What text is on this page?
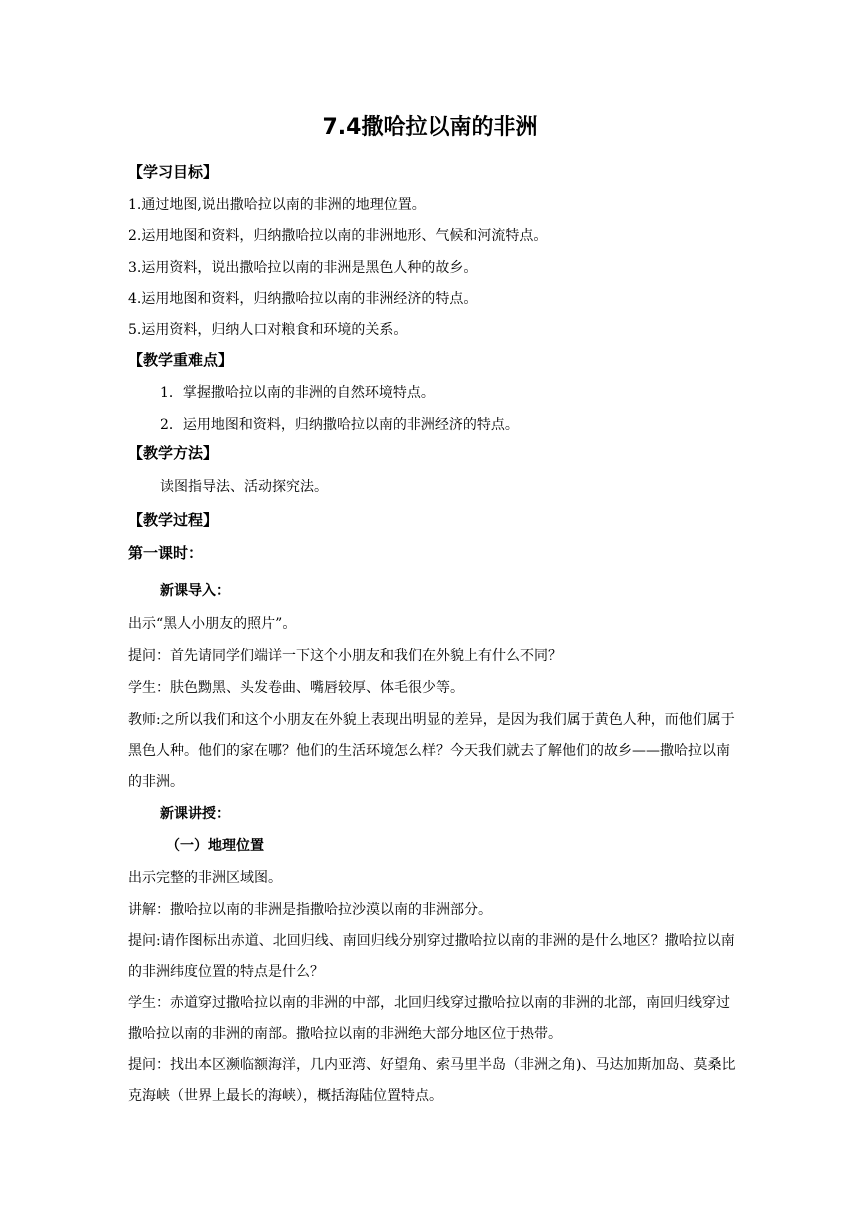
7.4撒哈拉以南的非洲

【学习目标】

1.通过地图,说出撒哈拉以南的非洲的地理位置。

2.运用地图和资料，归纳撒哈拉以南的非洲地形、气候和河流特点。

3.运用资料，说出撒哈拉以南的非洲是黑色人种的故乡。

4.运用地图和资料，归纳撒哈拉以南的非洲经济的特点。

5.运用资料，归纳人口对粮食和环境的关系。

【教学重难点】

1．掌握撒哈拉以南的非洲的自然环境特点。

2．运用地图和资料，归纳撒哈拉以南的非洲经济的特点。

【教学方法】

读图指导法、活动探究法。

【教学过程】

第一课时：

新课导入：

出示“黑人小朋友的照片”。

提问：首先请同学们端详一下这个小朋友和我们在外貌上有什么不同？

学生：肤色黝黑、头发卷曲、嘴唇较厚、体毛很少等。

教师:之所以我们和这个小朋友在外貌上表现出明显的差异，是因为我们属于黄色人种，而他们属于黑色人种。他们的家在哪？他们的生活环境怎么样？今天我们就去了解他们的故乡——撒哈拉以南的非洲。

新课讲授：

（一）地理位置

出示完整的非洲区域图。

讲解：撒哈拉以南的非洲是指撒哈拉沙漠以南的非洲部分。

提问:请作图标出赤道、北回归线、南回归线分别穿过撒哈拉以南的非洲的是什么地区？撒哈拉以南的非洲纬度位置的特点是什么？

学生：赤道穿过撒哈拉以南的非洲的中部，北回归线穿过撒哈拉以南的非洲的北部，南回归线穿过撒哈拉以南的非洲的南部。撒哈拉以南的非洲绝大部分地区位于热带。

提问：找出本区濒临额海洋，几内亚湾、好望角、索马里半岛（非洲之角)、马达加斯加岛、莫桑比克海峡（世界上最长的海峡），概括海陆位置特点。
